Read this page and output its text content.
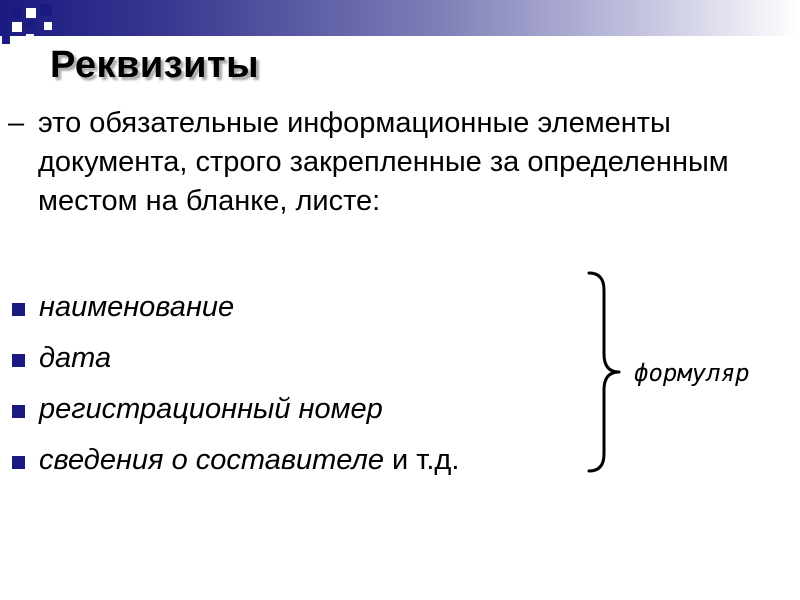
Реквизиты
– это обязательные информационные элементы документа, строго закрепленные за определенным местом на бланке, листе:
наименование
дата
регистрационный номер
сведения о составителе и т.д.
формуляр
